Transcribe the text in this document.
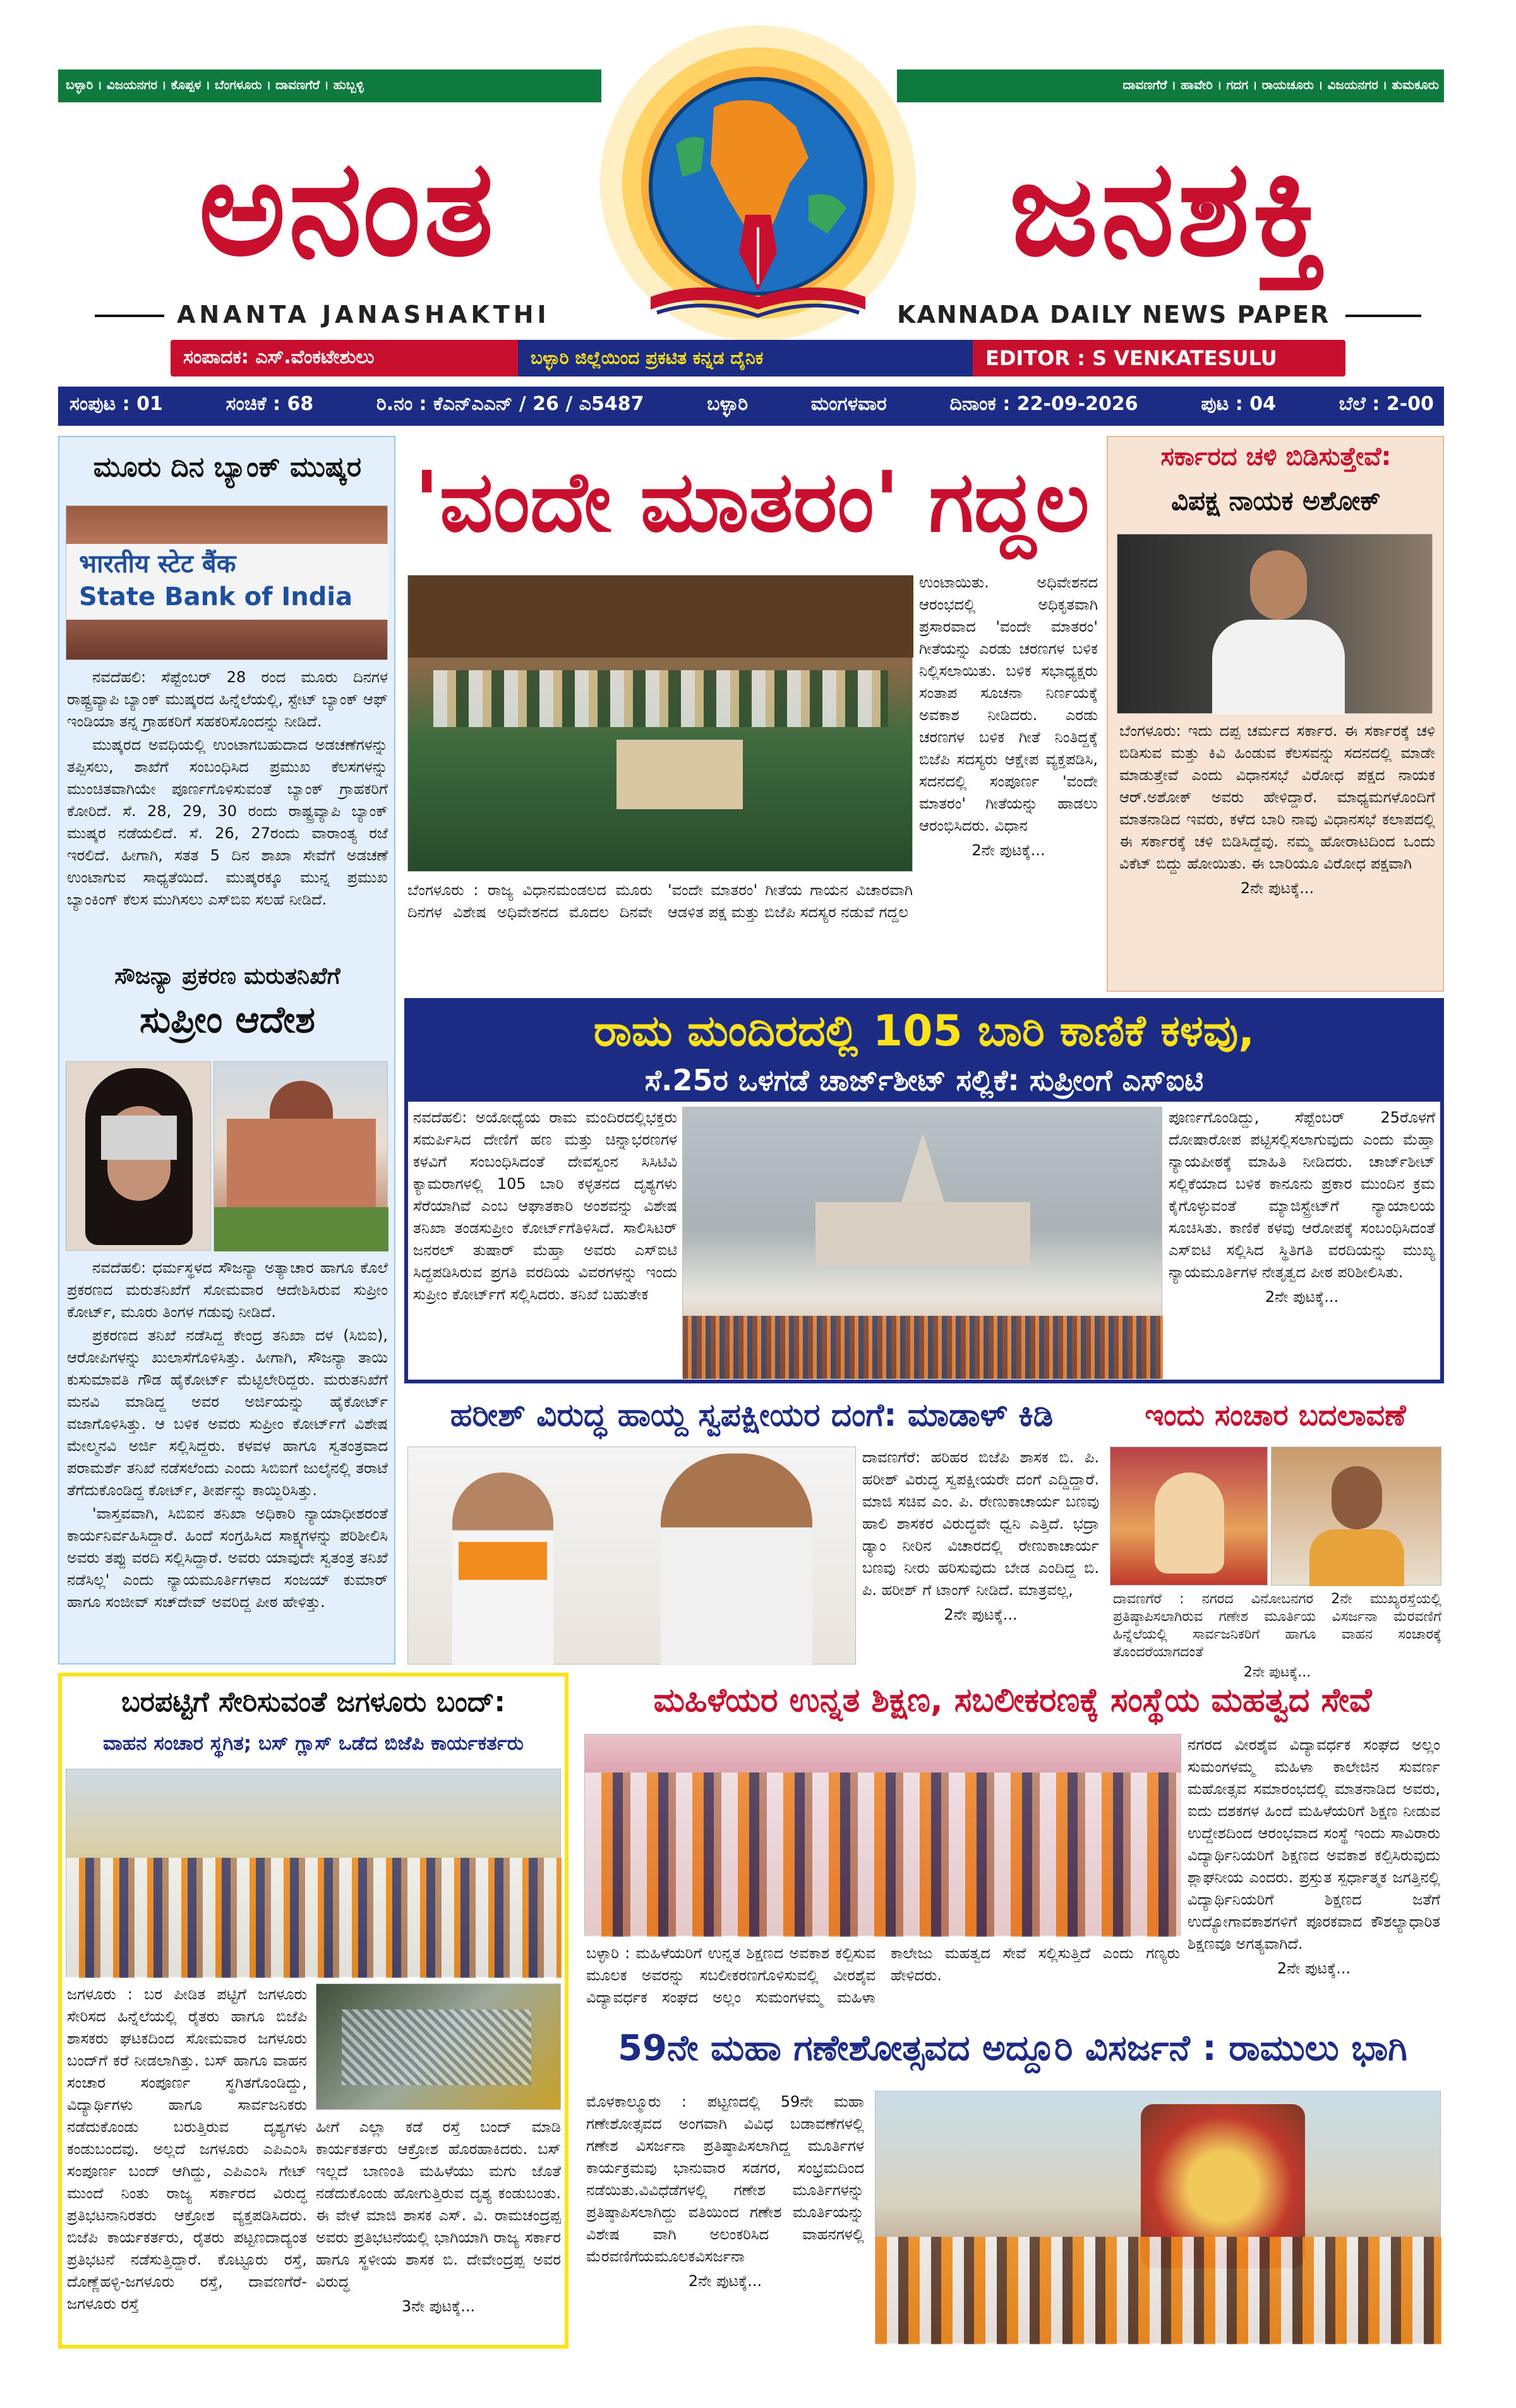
ಬಳ್ಳಾರಿ । ವಿಜಯನಗರ । ಕೊಪ್ಪಳ । ಬೆಂಗಳೂರು । ದಾವಣಗೆರೆ । ಹುಬ್ಬಳ್ಳಿ	ದಾವಣಗೆರೆ । ಹಾವೇರಿ । ಗದಗ । ರಾಯಚೂರು । ವಿಜಯನಗರ । ತುಮಕೂರು
ಅನಂತ	ಜನಶಕ್ತಿ
ANANTA JANASHAKTHI	KANNADA DAILY NEWS PAPER
ಸಂಪಾದಕ: ಎಸ್.ವೆಂಕಟೇಶುಲು	ಬಳ್ಳಾರಿ ಜಿಲ್ಲೆಯಿಂದ ಪ್ರಕಟಿತ ಕನ್ನಡ ದೈನಿಕ	EDITOR : S VENKATESULU
ಸಂಪುಟ : 01	ಸಂಚಿಕೆ : 68	ರಿ.ನಂ : ಕೆಎನ್‌ಎಎನ್ / 26 / ಎ5487	ಬಳ್ಳಾರಿ	ಮಂಗಳವಾರ	ದಿನಾಂಕ : 22-09-2026	ಪುಟ : 04	ಬೆಲೆ : 2-00
ಮೂರು ದಿನ ಬ್ಯಾಂಕ್ ಮುಷ್ಕರ
भारतीय स्टेट बैंक
State Bank of India

ನವದೆಹಲಿ: ಸೆಪ್ಟೆಂಬರ್ 28 ರಂದ ಮೂರು ದಿನಗಳ ರಾಷ್ಟ್ರವ್ಯಾಪಿ ಬ್ಯಾಂಕ್ ಮುಷ್ಕರದ ಹಿನ್ನೆಲೆಯಲ್ಲಿ, ಸ್ಟೇಟ್ ಬ್ಯಾಂಕ್ ಆಫ್ ಇಂಡಿಯಾ ತನ್ನ ಗ್ರಾಹಕರಿಗೆ ಸಹಕರಿಸೊಂದನ್ನು ನೀಡಿದೆ.

ಮುಷ್ಕರದ ಅವಧಿಯಲ್ಲಿ ಉಂಟಾಗಬಹುದಾದ ಅಡಚಣೆಗಳನ್ನು ತಪ್ಪಿಸಲು, ಶಾಖೆಗೆ ಸಂಬಂಧಿಸಿದ ಪ್ರಮುಖ ಕೆಲಸಗಳನ್ನು ಮುಂಚಿತವಾಗಿಯೇ ಪೂರ್ಣಗೊಳಿಸುವಂತೆ ಬ್ಯಾಂಕ್ ಗ್ರಾಹಕರಿಗೆ ಕೋರಿದೆ. ಸೆ. 28, 29, 30 ರಂದು ರಾಷ್ಟ್ರವ್ಯಾಪಿ ಬ್ಯಾಂಕ್ ಮುಷ್ಕರ ನಡೆಯಲಿದೆ. ಸೆ. 26, 27ರಂದು ವಾರಾಂತ್ಯ ರಜೆ ಇರಲಿದೆ. ಹೀಗಾಗಿ, ಸತತ 5 ದಿನ ಶಾಖಾ ಸೇವೆಗೆ ಅಡಚಣೆ ಉಂಟಾಗುವ ಸಾಧ್ಯತೆಯಿದೆ. ಮುಷ್ಕರಕ್ಕೂ ಮುನ್ನ ಪ್ರಮುಖ ಬ್ಯಾಂಕಿಂಗ್ ಕೆಲಸ ಮುಗಿಸಲು ಎಸ್‌ಬಿಐ ಸಲಹೆ ನೀಡಿದೆ.

ಸೌಜನ್ಯಾ ಪ್ರಕರಣ ಮರುತನಿಖೆಗೆ
ಸುಪ್ರೀಂ ಆದೇಶ

ನವದೆಹಲಿ: ಧರ್ಮಸ್ಥಳದ ಸೌಜನ್ಯಾ ಅತ್ಯಾಚಾರ ಹಾಗೂ ಕೊಲೆ ಪ್ರಕರಣದ ಮರುತನಿಖೆಗೆ ಸೋಮವಾರ ಆದೇಶಿಸಿರುವ ಸುಪ್ರೀಂ ಕೋರ್ಟ್, ಮೂರು ತಿಂಗಳ ಗಡುವು ನೀಡಿದೆ.

ಪ್ರಕರಣದ ತನಿಖೆ ನಡೆಸಿದ್ದ ಕೇಂದ್ರ ತನಿಖಾ ದಳ (ಸಿಬಿಐ), ಆರೋಪಿಗಳನ್ನು ಖುಲಾಸೆಗೊಳಿಸಿತ್ತು. ಹೀಗಾಗಿ, ಸೌಜನ್ಯಾ ತಾಯಿ ಕುಸುಮಾವತಿ ಗೌಡ ಹೈಕೋರ್ಟ್ ಮೆಟ್ಟಿಲೇರಿದ್ದರು. ಮರುತನಿಖೆಗೆ ಮನವಿ ಮಾಡಿದ್ದ ಅವರ ಅರ್ಜಿಯನ್ನು ಹೈಕೋರ್ಟ್ ವಜಾಗೊಳಿಸಿತ್ತು. ಆ ಬಳಿಕ ಅವರು ಸುಪ್ರೀಂ ಕೋರ್ಟ್‌ಗೆ ವಿಶೇಷ ಮೇಲ್ಮನವಿ ಅರ್ಜಿ ಸಲ್ಲಿಸಿದ್ದರು. ಕಳವಳ ಹಾಗೂ ಸ್ವತಂತ್ರವಾದ ಪರಾಮರ್ಶೆ ತನಿಖೆ ನಡೆಸಲೆಂದು ಎಂದು ಸಿಬಿಐಗೆ ಜುಲೈನಲ್ಲಿ ತರಾಟೆ ತೆಗೆದುಕೊಂಡಿದ್ದ ಕೋರ್ಟ್, ತೀರ್ಪನ್ನು ಕಾಯ್ದಿರಿಸಿತ್ತು.

'ವಾಸ್ತವವಾಗಿ, ಸಿಬಿಐನ ತನಿಖಾ ಅಧಿಕಾರಿ ನ್ಯಾಯಾಧೀಶರಂತೆ ಕಾರ್ಯನಿರ್ವಹಿಸಿದ್ದಾರೆ. ಹಿಂದೆ ಸಂಗ್ರಹಿಸಿದ ಸಾಕ್ಷ್ಯಗಳನ್ನು ಪರಿಶೀಲಿಸಿ ಅವರು ತಪ್ಪು ವರದಿ ಸಲ್ಲಿಸಿದ್ದಾರೆ. ಅವರು ಯಾವುದೇ ಸ್ವತಂತ್ರ ತನಿಖೆ ನಡೆಸಿಲ್ಲ' ಎಂದು ನ್ಯಾಯಮೂರ್ತಿಗಳಾದ ಸಂಜಯ್ ಕುಮಾರ್ ಹಾಗೂ ಸಂಜೀವ್ ಸಚ್‌ದೇವ್ ಅವರಿದ್ದ ಪೀಠ ಹೇಳಿತ್ತು.

'ವಂದೇ ಮಾತರಂ' ಗದ್ದಲ
ಬೆಂಗಳೂರು : ರಾಜ್ಯ ವಿಧಾನಮಂಡಲದ ಮೂರು ದಿನಗಳ ವಿಶೇಷ ಅಧಿವೇಶನದ ಮೊದಲ ದಿನವೇ 'ವಂದೇ ಮಾತರಂ' ಗೀತೆಯ ಗಾಯನ ವಿಚಾರವಾಗಿ ಆಡಳಿತ ಪಕ್ಷ ಮತ್ತು ಬಿಜೆಪಿ ಸದಸ್ಯರ ನಡುವೆ ಗದ್ದಲ
ಉಂಟಾಯಿತು. ಅಧಿವೇಶನದ ಆರಂಭದಲ್ಲಿ ಅಧಿಕೃತವಾಗಿ ಪ್ರಸಾರವಾದ 'ವಂದೇ ಮಾತರಂ' ಗೀತೆಯನ್ನು ಎರಡು ಚರಣಗಳ ಬಳಿಕ ನಿಲ್ಲಿಸಲಾಯಿತು. ಬಳಿಕ ಸಭಾಧ್ಯಕ್ಷರು ಸಂತಾಪ ಸೂಚನಾ ನಿರ್ಣಯಕ್ಕೆ ಅವಕಾಶ ನೀಡಿದರು. ಎರಡು ಚರಣಗಳ ಬಳಿಕ ಗೀತೆ ನಿಂತಿದ್ದಕ್ಕೆ ಬಿಜೆಪಿ ಸದಸ್ಯರು ಆಕ್ಷೇಪ ವ್ಯಕ್ತಪಡಿಸಿ, ಸದನದಲ್ಲಿ ಸಂಪೂರ್ಣ 'ವಂದೇ ಮಾತರಂ' ಗೀತೆಯನ್ನು ಹಾಡಲು ಆರಂಭಿಸಿದರು. ವಿಧಾನ
2ನೇ ಪುಟಕ್ಕೆ...
ಸರ್ಕಾರದ ಚಳಿ ಬಿಡಿಸುತ್ತೇವೆ:
ವಿಪಕ್ಷ ನಾಯಕ ಅಶೋಕ್
ಬೆಂಗಳೂರು: ಇದು ದಪ್ಪ ಚರ್ಮದ ಸರ್ಕಾರ. ಈ ಸರ್ಕಾರಕ್ಕೆ ಚಳಿ ಬಿಡಿಸುವ ಮತ್ತು ಕಿವಿ ಹಿಂಡುವ ಕೆಲಸವನ್ನು ಸದನದಲ್ಲಿ ಮಾಡೇ ಮಾಡುತ್ತೇವೆ ಎಂದು ವಿಧಾನಸಭೆ ವಿರೋಧ ಪಕ್ಷದ ನಾಯಕ ಆರ್.ಅಶೋಕ್ ಅವರು ಹೇಳಿದ್ದಾರೆ. ಮಾಧ್ಯಮಗಳೊಂದಿಗೆ ಮಾತನಾಡಿದ ಇವರು, ಕಳೆದ ಬಾರಿ ನಾವು ವಿಧಾನಸಭೆ ಕಲಾಪದಲ್ಲಿ ಈ ಸರ್ಕಾರಕ್ಕೆ ಚಳಿ ಬಿಡಿಸಿದ್ದೆವು. ನಮ್ಮ ಹೋರಾಟದಿಂದ ಒಂದು ವಿಕೆಟ್ ಬಿದ್ದು ಹೋಯಿತು. ಈ ಬಾರಿಯೂ ವಿರೋಧ ಪಕ್ಷವಾಗಿ
2ನೇ ಪುಟಕ್ಕೆ...
ರಾಮ ಮಂದಿರದಲ್ಲಿ 105 ಬಾರಿ ಕಾಣಿಕೆ ಕಳವು,
ಸೆ.25ರ ಒಳಗಡೆ ಚಾರ್ಜ್‌ಶೀಟ್ ಸಲ್ಲಿಕೆ: ಸುಪ್ರೀಂಗೆ ಎಸ್‌ಐಟಿ
ನವದೆಹಲಿ: ಅಯೋಧ್ಯೆಯ ರಾಮ ಮಂದಿರದಲ್ಲಿಭಕ್ತರು ಸಮರ್ಪಿಸಿದ ದೇಣಿಗೆ ಹಣ ಮತ್ತು ಚಿನ್ನಾಭರಣಗಳ ಕಳವಿಗೆ ಸಂಬಂಧಿಸಿದಂತೆ ದೇವಸ್ವಂನ ಸಿಸಿಟಿವಿ ಕ್ಯಾಮರಾಗಳಲ್ಲಿ 105 ಬಾರಿ ಕಳ್ಳತನದ ದೃಶ್ಯಗಳು ಸೆರೆಯಾಗಿವೆ ಎಂಬ ಆಘಾತಕಾರಿ ಅಂಶವನ್ನು ವಿಶೇಷ ತನಿಖಾ ತಂಡಸುಪ್ರೀಂ ಕೋರ್ಟ್‌ಗೆತಿಳಿಸಿದೆ. ಸಾಲಿಸಿಟರ್ ಜನರಲ್ ತುಷಾರ್ ಮೆಹ್ತಾ ಅವರು ಎಸ್‌ಐಟಿ ಸಿದ್ಧಪಡಿಸಿರುವ ಪ್ರಗತಿ ವರದಿಯ ವಿವರಗಳನ್ನು ಇಂದು ಸುಪ್ರೀಂ ಕೋರ್ಟ್‌ಗೆ ಸಲ್ಲಿಸಿದರು. ತನಿಖೆ ಬಹುತೇಕ
ಪೂರ್ಣಗೊಂಡಿದ್ದು, ಸೆಪ್ಟೆಂಬರ್ 25ರೊಳಗೆ ದೋಷಾರೋಪ ಪಟ್ಟಿಸಲ್ಲಿಸಲಾಗುವುದು ಎಂದು ಮೆಹ್ತಾ ನ್ಯಾಯಪೀಠಕ್ಕೆ ಮಾಹಿತಿ ನೀಡಿದರು. ಚಾರ್ಜ್‌ಶೀಟ್ ಸಲ್ಲಿಕೆಯಾದ ಬಳಿಕ ಕಾನೂನು ಪ್ರಕಾರ ಮುಂದಿನ ಕ್ರಮ ಕೈಗೊಳ್ಳುವಂತೆ ಮ್ಯಾಜಿಸ್ಟ್ರೇಟ್‌ಗೆ ನ್ಯಾಯಾಲಯ ಸೂಚಿಸಿತು. ಕಾಣಿಕೆ ಕಳವು ಆರೋಪಕ್ಕೆ ಸಂಬಂಧಿಸಿದಂತೆ ಎಸ್‌ಐಟಿ ಸಲ್ಲಿಸಿದ ಸ್ಥಿತಿಗತಿ ವರದಿಯನ್ನು ಮುಖ್ಯ ನ್ಯಾಯಮೂರ್ತಿಗಳ ನೇತೃತ್ವದ ಪೀಠ ಪರಿಶೀಲಿಸಿತು.
2ನೇ ಪುಟಕ್ಕೆ...
ಹರೀಶ್ ವಿರುದ್ಧ ಹಾಯ್ದ ಸ್ವಪಕ್ಷೀಯರ ದಂಗೆ: ಮಾಡಾಳ್ ಕಿಡಿ
ದಾವಣಗೆರೆ: ಹರಿಹರ ಬಿಜೆಪಿ ಶಾಸಕ ಬಿ. ಪಿ. ಹರೀಶ್ ವಿರುದ್ಧ ಸ್ವಪಕ್ಷೀಯರೇ ದಂಗೆ ಎದ್ದಿದ್ದಾರೆ. ಮಾಜಿ ಸಚಿವ ಎಂ. ಪಿ. ರೇಣುಕಾಚಾರ್ಯ ಬಣವು ಹಾಲಿ ಶಾಸಕರ ವಿರುದ್ಧವೇ ಧ್ವನಿ ಎತ್ತಿದೆ. ಭದ್ರಾ ಡ್ಯಾಂ ನೀರಿನ ವಿಚಾರದಲ್ಲಿ ರೇಣುಕಾಚಾರ್ಯ ಬಣವು ನೀರು ಹರಿಸುವುದು ಬೇಡ ಎಂದಿದ್ದ ಬಿ. ಪಿ. ಹರೀಶ್ ಗೆ ಟಾಂಗ್ ನೀಡಿದೆ. ಮಾತ್ರವಲ್ಲ,
2ನೇ ಪುಟಕ್ಕೆ...
ಇಂದು ಸಂಚಾರ ಬದಲಾವಣೆ
ದಾವಣಗೆರೆ : ನಗರದ ವಿನೋಬನಗರ 2ನೇ ಮುಖ್ಯರಸ್ತೆಯಲ್ಲಿ ಪ್ರತಿಷ್ಠಾಪಿಸಲಾಗಿರುವ ಗಣೇಶ ಮೂರ್ತಿಯ ವಿಸರ್ಜನಾ ಮೆರವಣಿಗೆ ಹಿನ್ನೆಲೆಯಲ್ಲಿ ಸಾರ್ವಜನಿಕರಿಗೆ ಹಾಗೂ ವಾಹನ ಸಂಚಾರಕ್ಕೆ ತೊಂದರೆಯಾಗದಂತೆ
2ನೇ ಪುಟಕ್ಕೆ...
ಬರಪಟ್ಟಿಗೆ ಸೇರಿಸುವಂತೆ ಜಗಳೂರು ಬಂದ್:
ವಾಹನ ಸಂಚಾರ ಸ್ಥಗಿತ; ಬಸ್ ಗ್ಲಾಸ್ ಒಡೆದ ಬಿಜೆಪಿ ಕಾರ್ಯಕರ್ತರು
ಜಗಳೂರು : ಬರ ಪೀಡಿತ ಪಟ್ಟಿಗೆ ಜಗಳೂರು ಸೇರಿಸದ ಹಿನ್ನೆಲೆಯಲ್ಲಿ ರೈತರು ಹಾಗೂ ಬಿಜೆಪಿ ಶಾಸಕರು ಘಟಕದಿಂದ ಸೋಮವಾರ ಜಗಳೂರು ಬಂದ್‌ಗೆ ಕರೆ ನೀಡಲಾಗಿತ್ತು. ಬಸ್ ಹಾಗೂ ವಾಹನ ಸಂಚಾರ ಸಂಪೂರ್ಣ ಸ್ಥಗಿತಗೊಂಡಿದ್ದು, ವಿದ್ಯಾರ್ಥಿಗಳು ಹಾಗೂ ಸಾರ್ವಜನಿಕರು ನಡೆದುಕೊಂಡು ಬರುತ್ತಿರುವ ದೃಶ್ಯಗಳು ಕಂಡುಬಂದವು. ಅಲ್ಲದೆ ಜಗಳೂರು ಎಪಿಎಂಸಿ ಸಂಪೂರ್ಣ ಬಂದ್ ಆಗಿದ್ದು, ಎಪಿಎಂಸಿ ಗೇಟ್ ಮುಂದೆ ನಿಂತು ರಾಜ್ಯ ಸರ್ಕಾರದ ವಿರುದ್ಧ ಪ್ರತಿಭಟನಾನಿರತರು ಆಕ್ರೋಶ ವ್ಯಕ್ತಪಡಿಸಿದರು. ಬಿಜೆಪಿ ಕಾರ್ಯಕರ್ತರು, ರೈತರು ಪಟ್ಟಣದಾದ್ಯಂತ ಪ್ರತಿಭಟನೆ ನಡೆಸುತ್ತಿದ್ದಾರೆ. ಕೊಟ್ಟೂರು ರಸ್ತೆ, ದೊಣ್ಣೆಹಳ್ಳಿ-ಜಗಳೂರು ರಸ್ತೆ, ದಾವಣಗೆರೆ-ಜಗಳೂರು ರಸ್ತೆ
ಹೀಗೆ ಎಲ್ಲಾ ಕಡೆ ರಸ್ತೆ ಬಂದ್ ಮಾಡಿ ಕಾರ್ಯಕರ್ತರು ಆಕ್ರೋಶ ಹೊರಹಾಕಿದರು. ಬಸ್ ಇಲ್ಲದೆ ಬಾಣಂತಿ ಮಹಿಳೆಯು ಮಗು ಜೊತೆ ನಡೆದುಕೊಂಡು ಹೋಗುತ್ತಿರುವ ದೃಶ್ಯ ಕಂಡುಬಂತು. ಈ ವೇಳೆ ಮಾಜಿ ಶಾಸಕ ಎಸ್. ವಿ. ರಾಮಚಂದ್ರಪ್ಪ ಅವರು ಪ್ರತಿಭಟನೆಯಲ್ಲಿ ಭಾಗಿಯಾಗಿ ರಾಜ್ಯ ಸರ್ಕಾರ ಹಾಗೂ ಸ್ಥಳೀಯ ಶಾಸಕ ಬಿ. ದೇವೇಂದ್ರಪ್ಪ ಅವರ ವಿರುದ್ಧ
3ನೇ ಪುಟಕ್ಕೆ...
ಮಹಿಳೆಯರ ಉನ್ನತ ಶಿಕ್ಷಣ, ಸಬಲೀಕರಣಕ್ಕೆ ಸಂಸ್ಥೆಯ ಮಹತ್ವದ ಸೇವೆ
ಬಳ್ಳಾರಿ : ಮಹಿಳೆಯರಿಗೆ ಉನ್ನತ ಶಿಕ್ಷಣದ ಅವಕಾಶ ಕಲ್ಪಿಸುವ ಮೂಲಕ ಅವರನ್ನು ಸಬಲೀಕರಣಗೊಳಿಸುವಲ್ಲಿ ವೀರಶೈವ ವಿದ್ಯಾವರ್ಧಕ ಸಂಘದ ಅಲ್ಲಂ ಸುಮಂಗಳಮ್ಮ ಮಹಿಳಾ ಕಾಲೇಜು ಮಹತ್ವದ ಸೇವೆ ಸಲ್ಲಿಸುತ್ತಿದೆ ಎಂದು ಗಣ್ಯರು ಹೇಳಿದರು.
ನಗರದ ವೀರಶೈವ ವಿದ್ಯಾವರ್ಧಕ ಸಂಘದ ಅಲ್ಲಂ ಸುಮಂಗಳಮ್ಮ ಮಹಿಳಾ ಕಾಲೇಜಿನ ಸುವರ್ಣ ಮಹೋತ್ಸವ ಸಮಾರಂಭದಲ್ಲಿ ಮಾತನಾಡಿದ ಅವರು, ಐದು ದಶಕಗಳ ಹಿಂದೆ ಮಹಿಳೆಯರಿಗೆ ಶಿಕ್ಷಣ ನೀಡುವ ಉದ್ದೇಶದಿಂದ ಆರಂಭವಾದ ಸಂಸ್ಥೆ ಇಂದು ಸಾವಿರಾರು ವಿದ್ಯಾರ್ಥಿನಿಯರಿಗೆ ಶಿಕ್ಷಣದ ಅವಕಾಶ ಕಲ್ಪಿಸಿರುವುದು ಶ್ಲಾಘನೀಯ ಎಂದರು. ಪ್ರಸ್ತುತ ಸ್ಪರ್ಧಾತ್ಮಕ ಜಗತ್ತಿನಲ್ಲಿ ವಿದ್ಯಾರ್ಥಿನಿಯರಿಗೆ ಶಿಕ್ಷಣದ ಜತೆಗೆ ಉದ್ಯೋಗಾವಕಾಶಗಳಿಗೆ ಪೂರಕವಾದ ಕೌಶಲ್ಯಾಧಾರಿತ ಶಿಕ್ಷಣವೂ ಅಗತ್ಯವಾಗಿದೆ.
2ನೇ ಪುಟಕ್ಕೆ...
59ನೇ ಮಹಾ ಗಣೇಶೋತ್ಸವದ ಅದ್ದೂರಿ ವಿಸರ್ಜನೆ : ರಾಮುಲು ಭಾಗಿ
ಮೊಳಕಾಲ್ಮೂರು : ಪಟ್ಟಣದಲ್ಲಿ 59ನೇ ಮಹಾ ಗಣೇಶೋತ್ಸವದ ಅಂಗವಾಗಿ ವಿವಿಧ ಬಡಾವಣೆಗಳಲ್ಲಿ ಗಣೇಶ ವಿಸರ್ಜನಾ ಪ್ರತಿಷ್ಠಾಪಿಸಲಾಗಿದ್ದ ಮೂರ್ತಿಗಳ ಕಾರ್ಯಕ್ರಮವು ಭಾನುವಾರ ಸಡಗರ, ಸಂಭ್ರಮದಿಂದ ನಡೆಯಿತು.ವಿವಿಧೆಡೆಗಳಲ್ಲಿ ಗಣೇಶ ಮೂರ್ತಿಗಳನ್ನು ಪ್ರತಿಷ್ಠಾಪಿಸಲಾಗಿದ್ದು ವತಿಯಿಂದ ಗಣೇಶ ಮೂರ್ತಿಯನ್ನು ವಿಶೇಷ ವಾಗಿ ಅಲಂಕರಿಸಿದ ವಾಹನಗಳಲ್ಲಿ ಮೆರವಣಿಗೆಯಮೂಲಕವಿಸರ್ಜನಾ
2ನೇ ಪುಟಕ್ಕೆ...
